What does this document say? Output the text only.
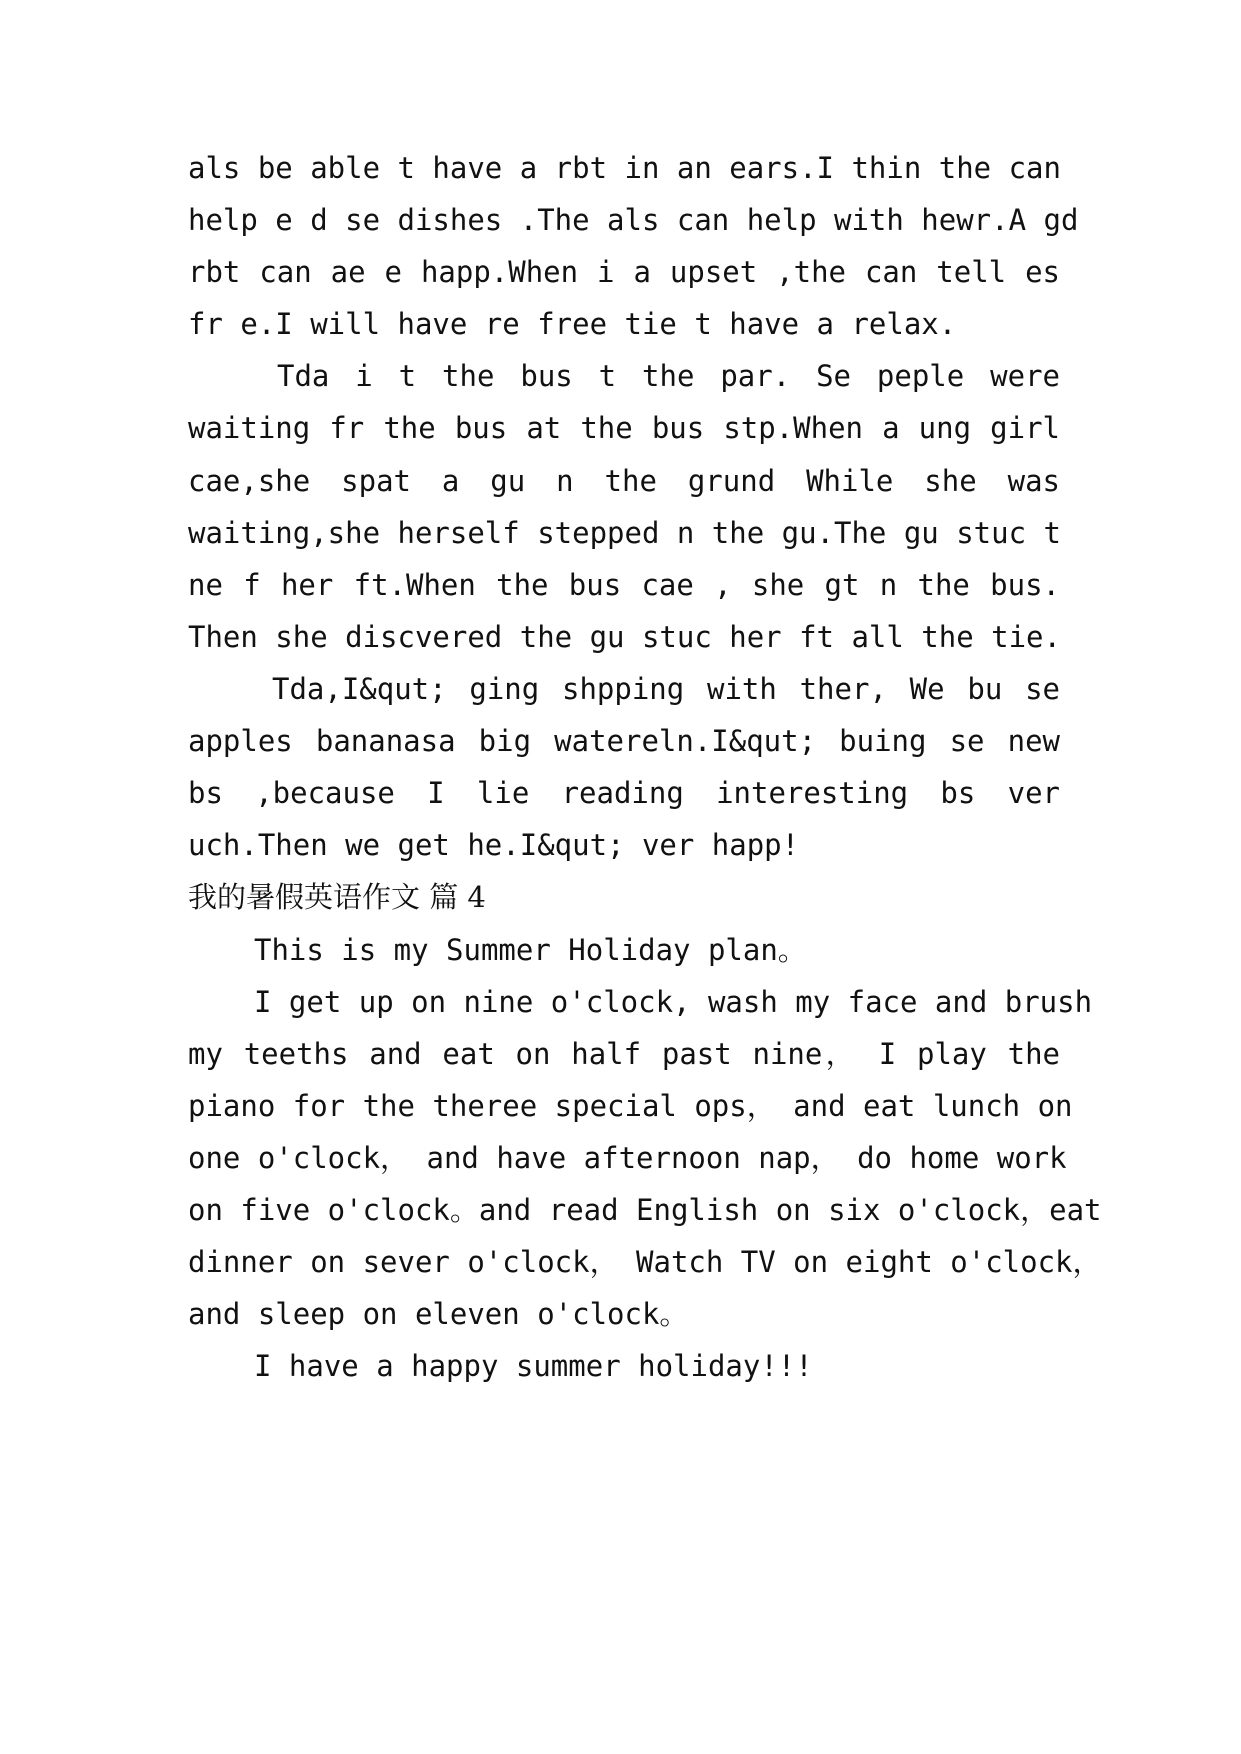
als be able t have a rbt in an ears.I thin the can
help e d se dishes .The als can help with hewr.A gd
rbt can ae e happ.When i a upset ,the can tell es
fr e.I will have re free tie t have a relax.
Tda i t the bus t the par. Se peple were
waiting fr the bus at the bus stp.When a ung girl
cae,she spat a gu n the grund While she was
waiting,she herself stepped n the gu.The gu stuc t
ne f her ft.When the bus cae , she gt n the bus.
Then she discvered the gu stuc her ft all the tie.
Tda,I&qut; ging shpping with ther, We bu se
apples bananasa big watereln.I&qut; buing se new
bs ,because I lie reading interesting bs ver
uch.Then we get he.I&qut; ver happ!
我的暑假英语作文 篇 4
This is my Summer Holiday plan。
I get up on nine o'clock, wash my face and brush
my teeths and eat on half past nine， I play the
piano for the theree special ops， and eat lunch on
one o'clock， and have afternoon nap， do home work
on five o'clock。and read English on six o'clock，eat
dinner on sever o'clock， Watch TV on eight o'clock，
and sleep on eleven o'clock。
I have a happy summer holiday!!!
